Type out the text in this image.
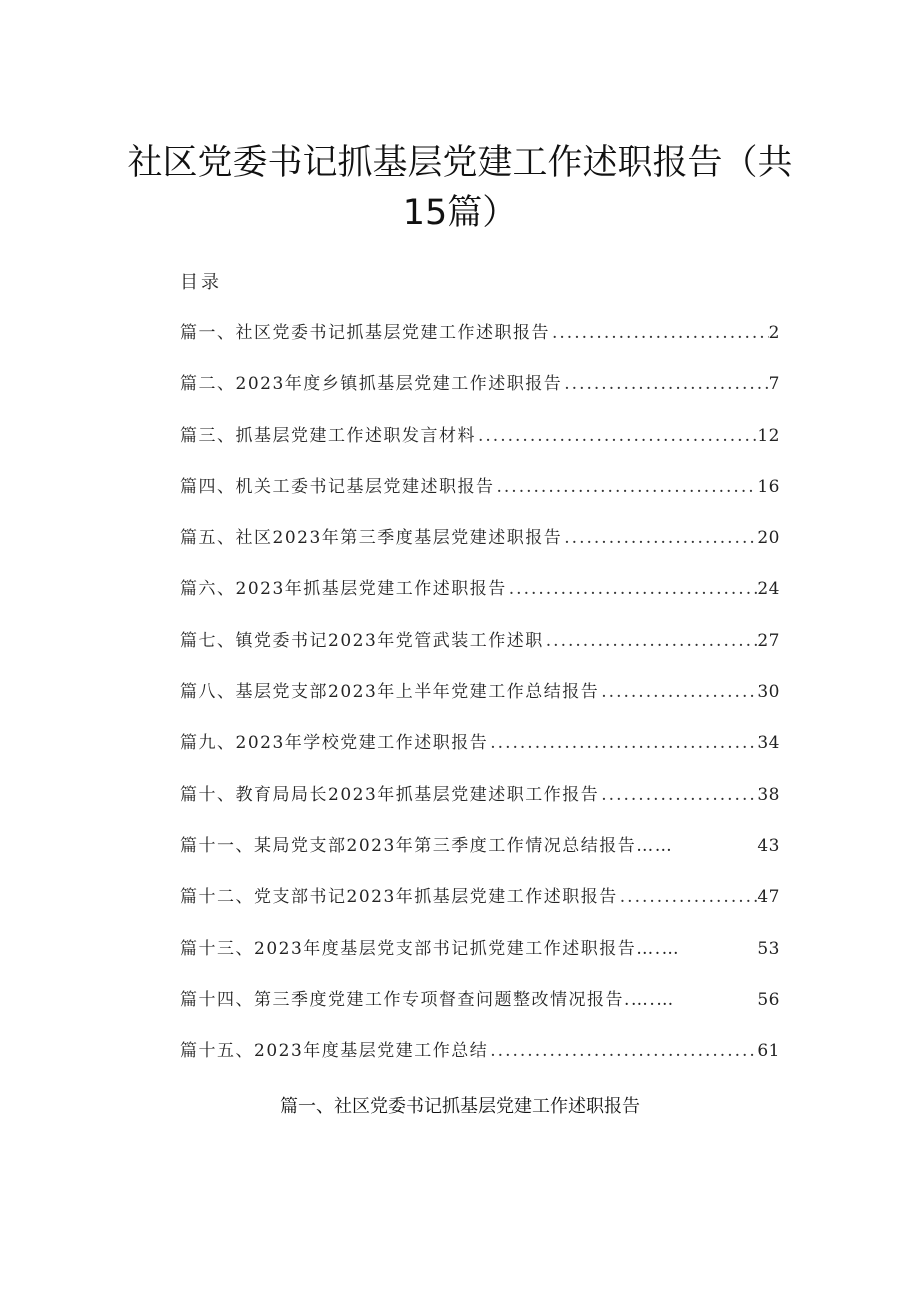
社区党委书记抓基层党建工作述职报告（共
15篇）
目录
篇一、社区党委书记抓基层党建工作述职报告 .....	2
篇二、2023年度乡镇抓基层党建工作述职报告 .....	7
篇三、抓基层党建工作述职发言材料 .....	12
篇四、机关工委书记基层党建述职报告 .....	16
篇五、社区2023年第三季度基层党建述职报告 .....	20
篇六、2023年抓基层党建工作述职报告 .....	24
篇七、镇党委书记2023年党管武装工作述职 .....	27
篇八、基层党支部2023年上半年党建工作总结报告 .....	30
篇九、2023年学校党建工作述职报告 .....	34
篇十、教育局局长2023年抓基层党建述职工作报告 .....	38
篇十一、某局党支部2023年第三季度工作情况总结报告……	43
篇十二、党支部书记2023年抓基层党建工作述职报告 .....	47
篇十三、2023年度基层党支部书记抓党建工作述职报告….…	53
篇十四、第三季度党建工作专项督查问题整改情况报告.….…	56
篇十五、2023年度基层党建工作总结 .....	61
篇一、社区党委书记抓基层党建工作述职报告
